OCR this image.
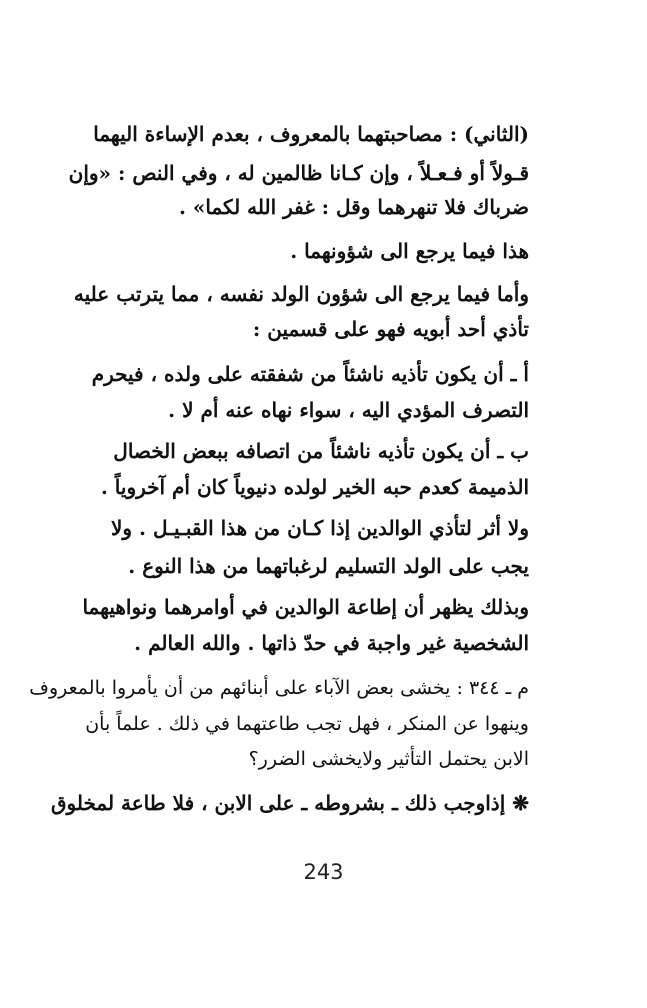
(الثاني) : مصاحبتهما بالمعروف ، بعدم الإساءة اليهما
قـولاً أو فـعـلاً ، وإن كـانا ظالمين له ، وفي النص : «وإن
ضرباك فلا تنهرهما وقل : غفر الله لكما» .
هذا فيما يرجع الى شؤونهما .
وأما فيما يرجع الى شؤون الولد نفسه ، مما يترتب عليه
تأذي أحد أبويه فهو على قسمين :
أ ـ أن يكون تأذيه ناشئاً من شفقته على ولده ، فيحرم
التصرف المؤدي اليه ، سواء نهاه عنه أم لا .
ب ـ أن يكون تأذيه ناشئاً من اتصافه ببعض الخصال
الذميمة كعدم حبه الخير لولده دنيوياً كان أم آخروياً .
ولا أثر لتأذي الوالدين إذا كـان من هذا القبـيـل . ولا
يجب على الولد التسليم لرغباتهما من هذا النوع .
وبذلك يظهر أن إطاعة الوالدين في أوامرهما ونواهيهما
الشخصية غير واجبة في حدّ ذاتها . والله العالم .
م ـ ٣٤٤ : يخشى بعض الآباء على أبنائهم من أن يأمروا بالمعروف
وينهوا عن المنكر ، فهل تجب طاعتهما في ذلك . علماً بأن
الابن يحتمل التأثير ولايخشى الضرر؟
❋ إذاوجب ذلك ـ بشروطه ـ على الابن ، فلا طاعة لمخلوق
243
